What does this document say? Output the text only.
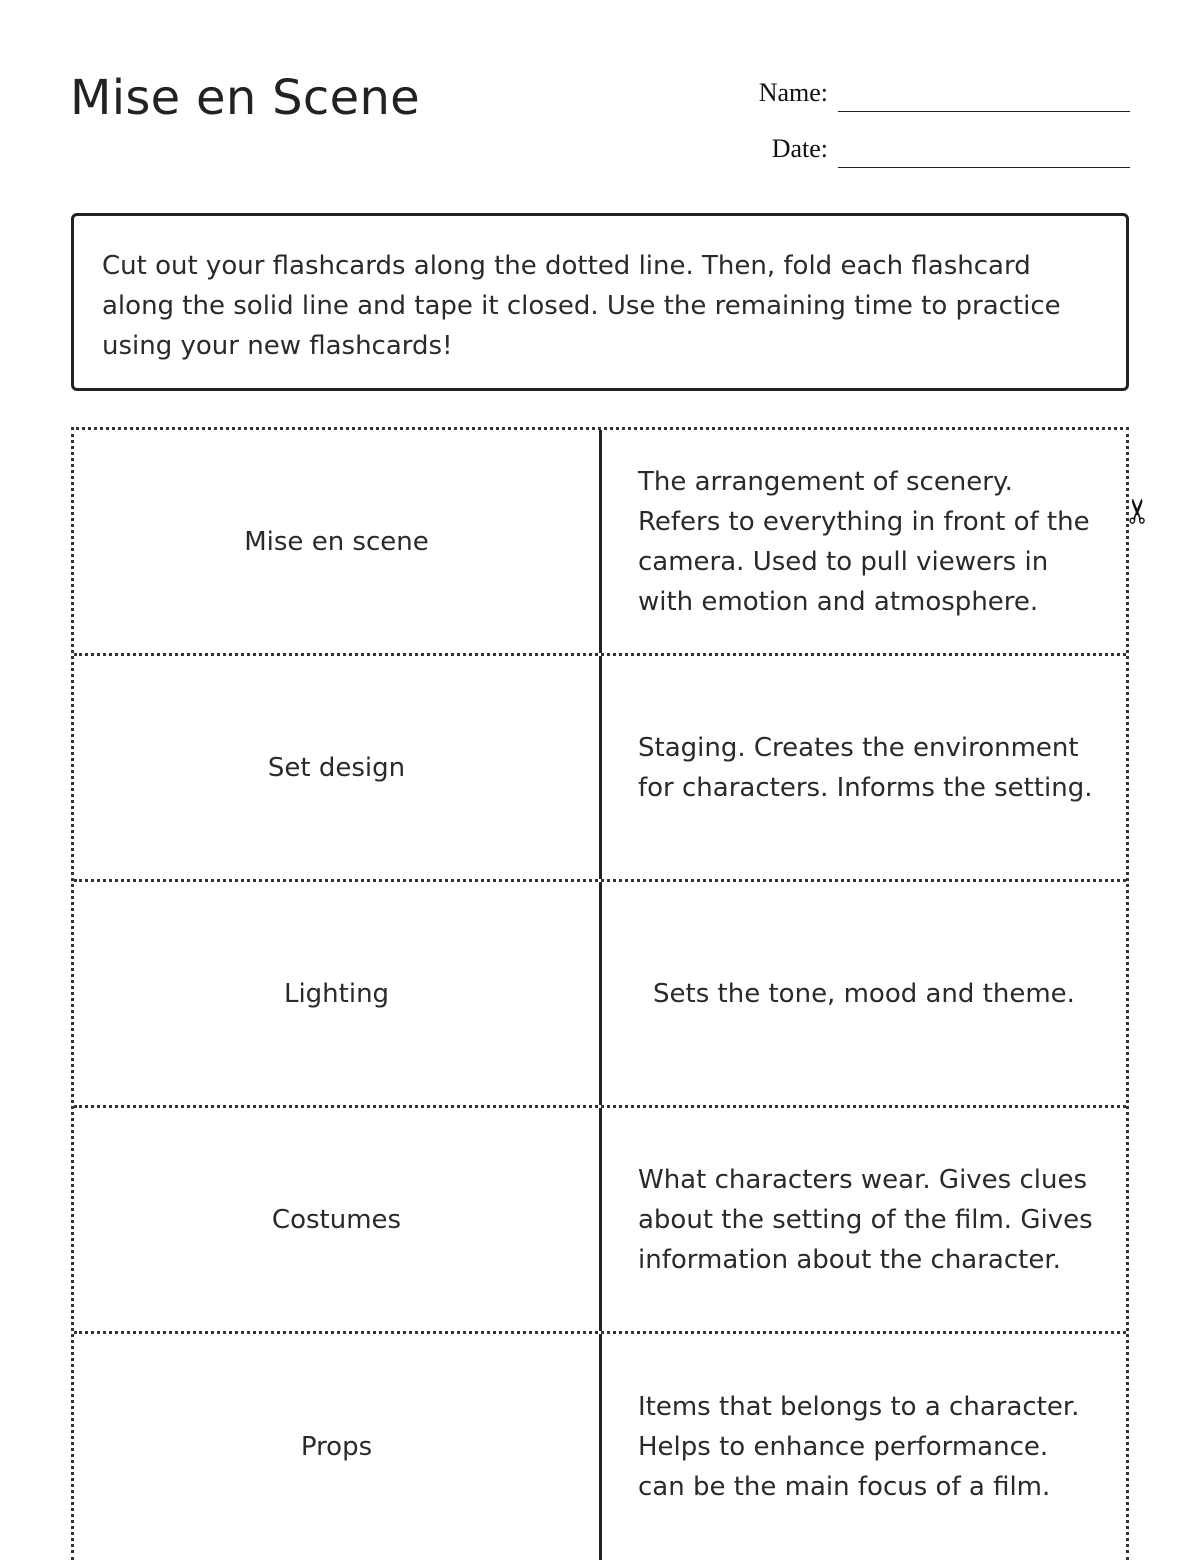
Mise en Scene	Name:
Date:
Cut out your flashcards along the dotted line. Then, fold each flashcard along the solid line and tape it closed. Use the remaining time to practice using your new flashcards!
Mise en scene
The arrangement of scenery. Refers to everything in front of the camera. Used to pull viewers in with emotion and atmosphere.
Set design
Staging. Creates the environment for characters. Informs the setting.
Lighting	Sets the tone, mood and theme.
Costumes
What characters wear. Gives clues about the setting of the film. Gives information about the character.
Props
Items that belongs to a character. Helps to enhance performance. can be the main focus of a film.
✂
